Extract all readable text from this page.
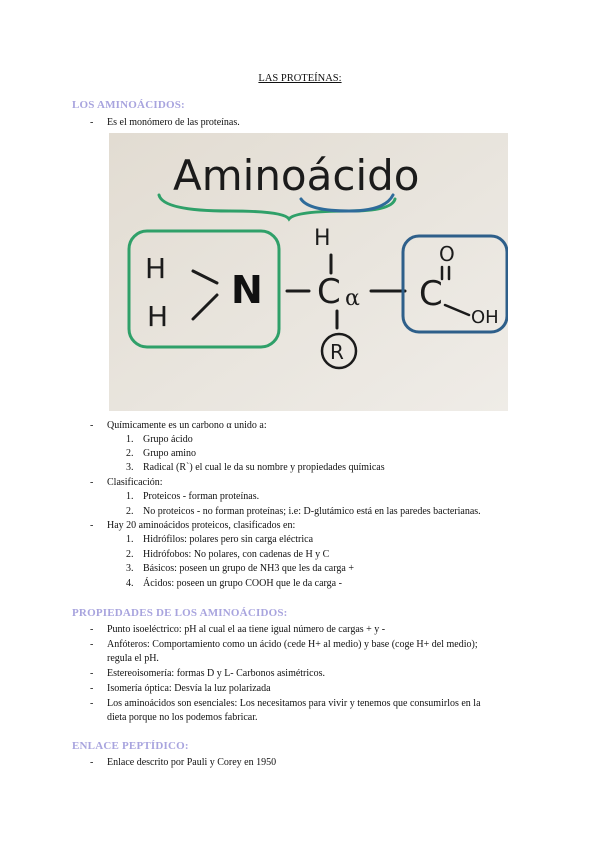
LAS PROTEÍNAS:
LOS AMINOÁCIDOS:
- Es el monómero de las proteínas.
Aminoácido
H
H
N
H
C α
R
O
C
OH
- Químicamente es un carbono α unido a:
1. Grupo ácido
2. Grupo amino
3. Radical (R`) el cual le da su nombre y propiedades químicas
- Clasificación:
1. Proteicos - forman proteínas.
2. No proteicos - no forman proteínas; i.e: D-glutámico está en las paredes bacterianas.
- Hay 20 aminoácidos proteicos, clasificados en:
1. Hidrófilos: polares pero sin carga eléctrica
2. Hidrófobos: No polares, con cadenas de H y C
3. Básicos: poseen un grupo de NH3 que les da carga +
4. Ácidos: poseen un grupo COOH que le da carga -
PROPIEDADES DE LOS AMINOÁCIDOS:
- Punto isoeléctrico: pH al cual el aa tiene igual número de cargas + y -
- Anfóteros: Comportamiento como un ácido (cede H+ al medio) y base (coge H+ del medio);
regula el pH.
- Estereoisomería: formas D y L- Carbonos asimétricos.
- Isomería óptica: Desvía la luz polarizada
- Los aminoácidos son esenciales: Los necesitamos para vivir y tenemos que consumirlos en la
dieta porque no los podemos fabricar.
ENLACE PEPTÍDICO:
- Enlace descrito por Pauli y Corey en 1950
